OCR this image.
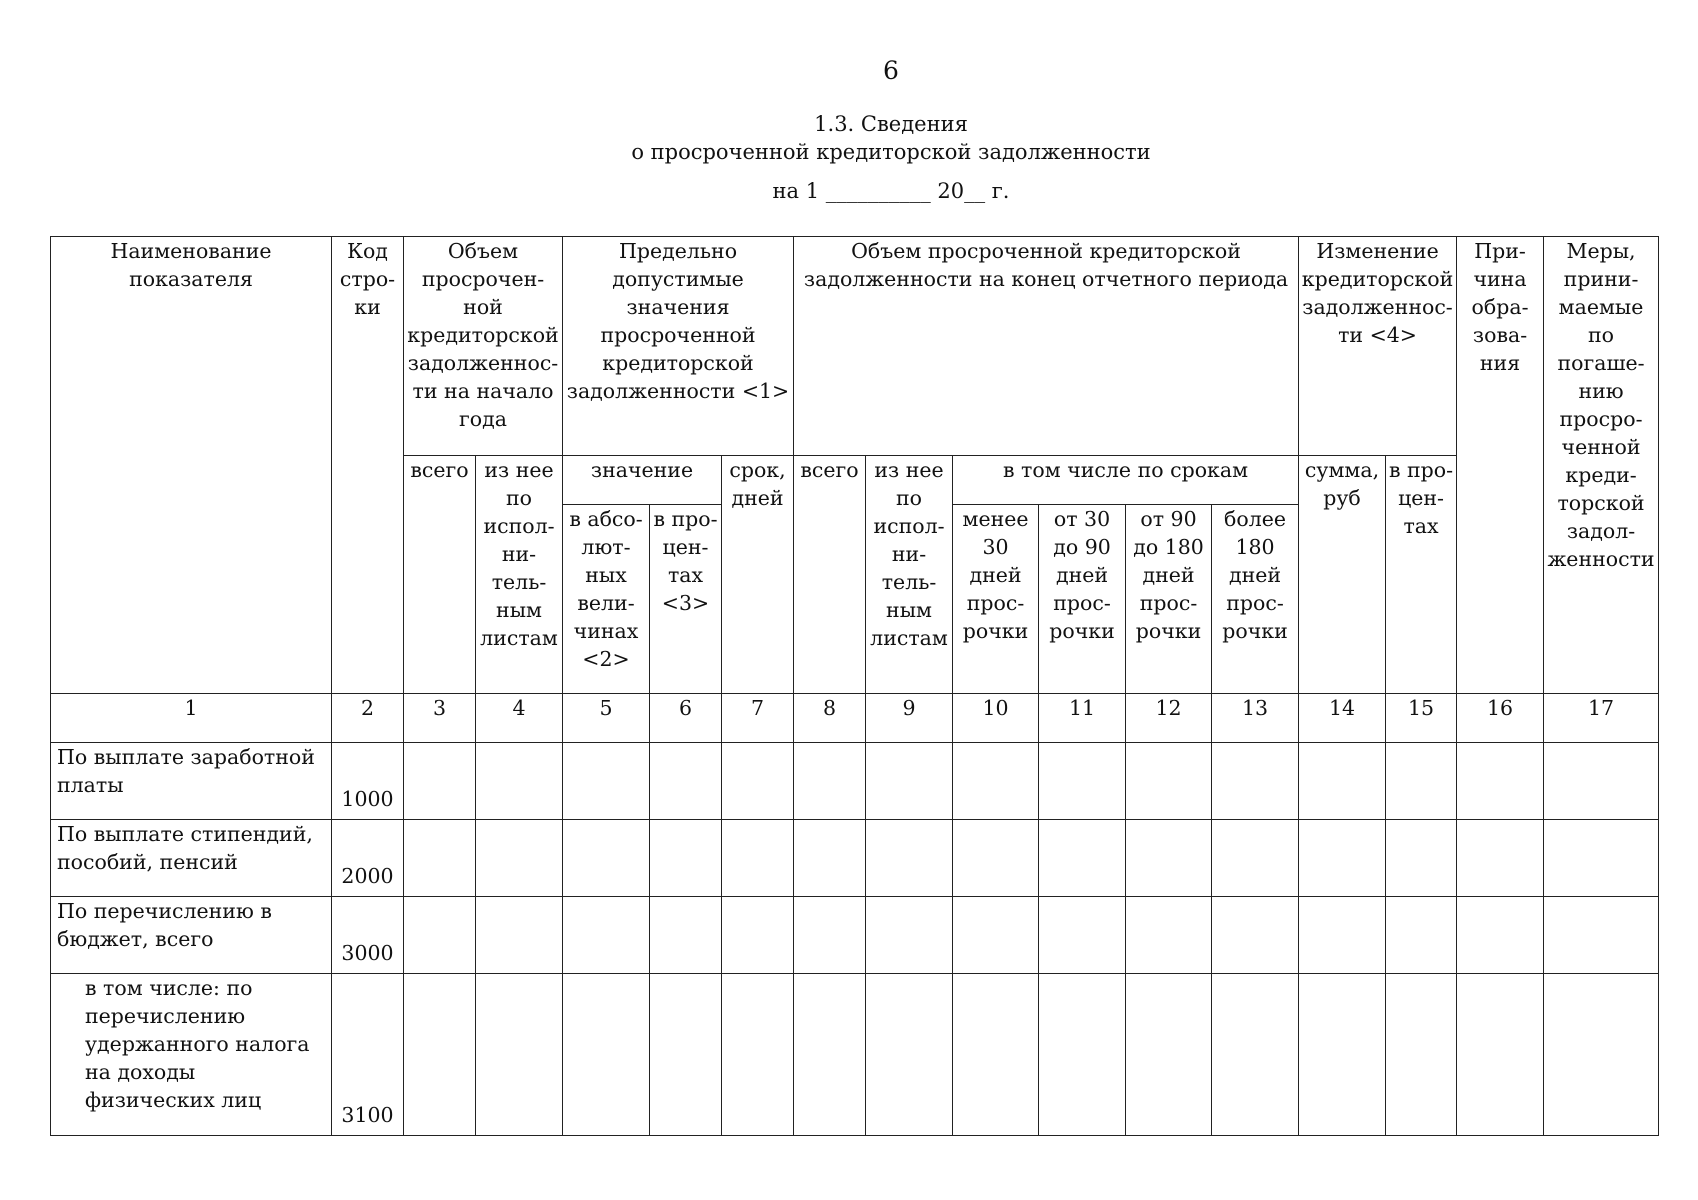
6
1.3. Сведения
о просроченной кредиторской задолженности
на 1 __________ 20__ г.
Наименование показателя	Код стро-ки	Объем просрочен-ной кредиторской задолженнос-ти на начало года		Предельно допустимые значения просроченной кредиторской задолженности <1>			Объем просроченной кредиторской задолженности на конец отчетного периода						Изменение кредиторской задолженнос-ти <4>		При-чина обра-зова-ния	Меры, прини-маемые по погаше-нию просро-ченной креди-торской задол-женности
		всего	из нее по испол-ни-тель-ным листам	значение		срок, дней	всего	из нее по испол-ни-тель-ным листам	в том числе по срокам				сумма, руб	в про-цен-тах		
				в абсо-лют-ных вели-чинах <2>	в про-цен-тах <3>				менее 30 дней прос-рочки	от 30 до 90 дней прос-рочки	от 90 до 180 дней прос-рочки	более 180 дней прос-рочки				
1	2	3	4	5	6	7	8	9	10	11	12	13	14	15	16	17
По выплате заработной платы	1000															
По выплате стипендий, пособий, пенсий	2000															
По перечислению в бюджет, всего	3000															
в том числе: по перечислению удержанного налога на доходы физических лиц	3100															
